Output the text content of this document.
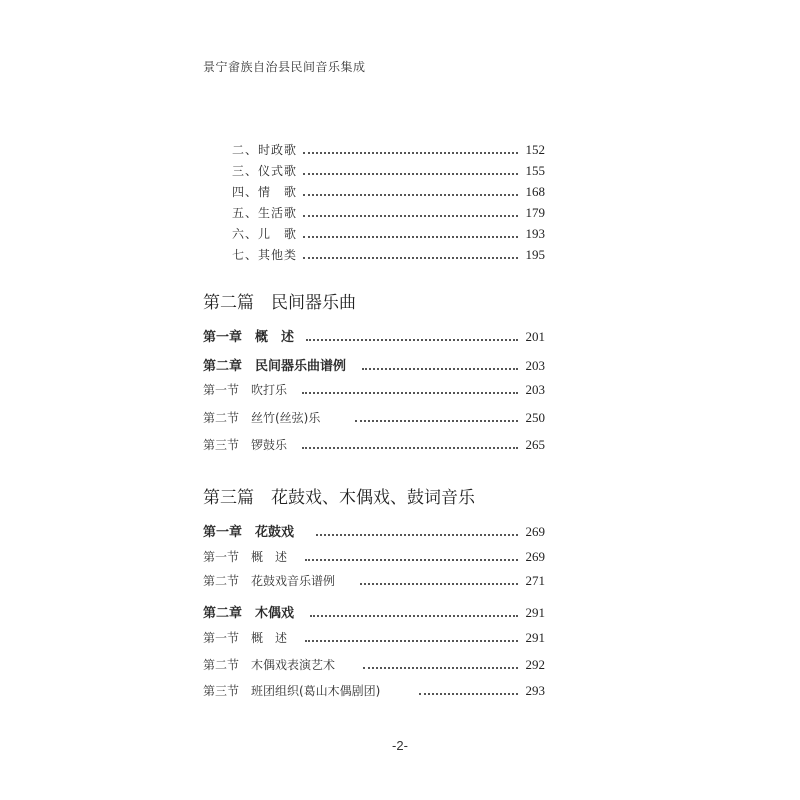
景宁畲族自治县民间音乐集成
二、时政歌	152
三、仪式歌	155
四、情　歌	168
五、生活歌	179
六、儿　歌	193
七、其他类	195
第二篇　民间器乐曲
第一章　概　述	201
第二章　民间器乐曲谱例	203
第一节　吹打乐	203
第二节　丝竹(丝弦)乐	250
第三节　锣鼓乐	265
第三篇　花鼓戏、木偶戏、鼓词音乐
第一章　花鼓戏	269
第一节　概　述	269
第二节　花鼓戏音乐谱例	271
第二章　木偶戏	291
第一节　概　述	291
第二节　木偶戏表演艺术	292
第三节　班团组织(葛山木偶剧团)	293
-2-
